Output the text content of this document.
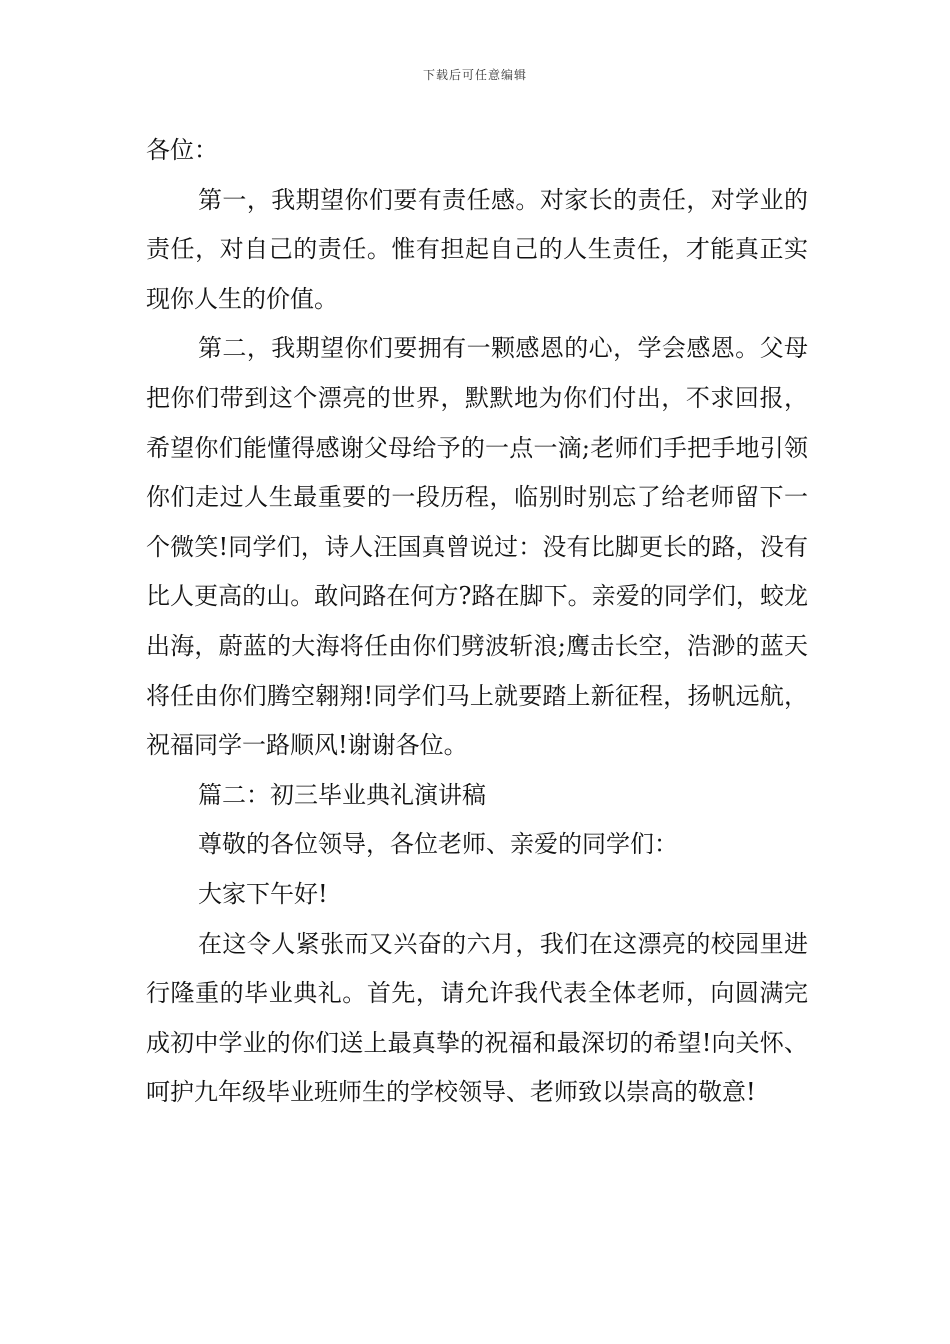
下载后可任意编辑

各位：

第一，我期望你们要有责任感。对家长的责任，对学业的责任，对自己的责任。惟有担起自己的人生责任，才能真正实现你人生的价值。

第二，我期望你们要拥有一颗感恩的心，学会感恩。父母把你们带到这个漂亮的世界，默默地为你们付出，不求回报，希望你们能懂得感谢父母给予的一点一滴;老师们手把手地引领你们走过人生最重要的一段历程，临别时别忘了给老师留下一个微笑!同学们，诗人汪国真曾说过：没有比脚更长的路，没有比人更高的山。敢问路在何方?路在脚下。亲爱的同学们，蛟龙出海，蔚蓝的大海将任由你们劈波斩浪;鹰击长空，浩渺的蓝天将任由你们腾空翱翔!同学们马上就要踏上新征程，扬帆远航，祝福同学一路顺风!谢谢各位。

篇二：初三毕业典礼演讲稿

尊敬的各位领导，各位老师、亲爱的同学们：

大家下午好!

在这令人紧张而又兴奋的六月，我们在这漂亮的校园里进行隆重的毕业典礼。首先，请允许我代表全体老师，向圆满完成初中学业的你们送上最真挚的祝福和最深切的希望!向关怀、呵护九年级毕业班师生的学校领导、老师致以崇高的敬意!
